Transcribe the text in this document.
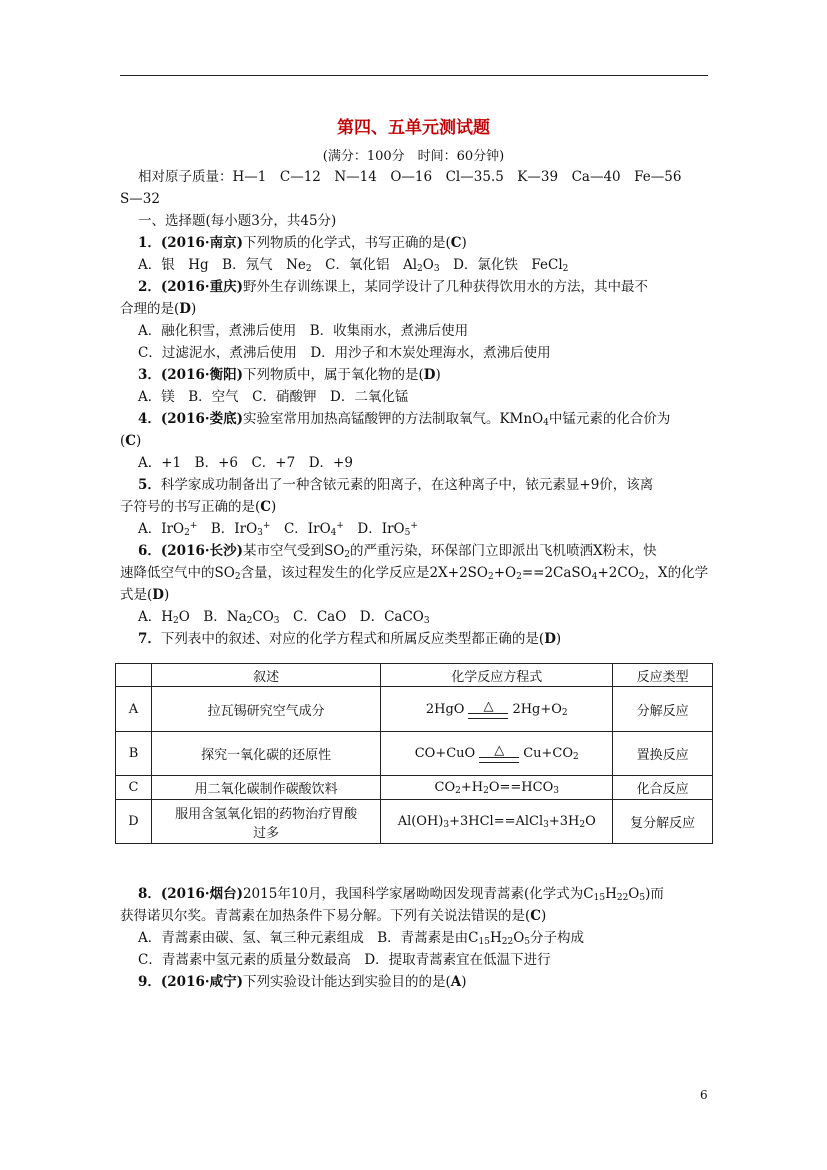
第四、五单元测试题
(满分：100分　时间：60分钟)
相对原子质量：H—1　C—12　N—14　O—16　Cl—35.5　K—39　Ca—40　Fe—56
S—32
一、选择题(每小题3分，共45分)
1．(2016·南京)下列物质的化学式，书写正确的是(C)
A．银　Hg　B．氖气　$Ne_2$　C．氧化铝　$Al_2O_3$　D．氯化铁　FeCl$_2$
2．(2016·重庆)野外生存训练课上，某同学设计了几种获得饮用水的方法，其中最不
合理的是(D)
A．融化积雪，煮沸后使用　B．收集雨水，煮沸后使用
C．过滤泥水，煮沸后使用　D．用沙子和木炭处理海水，煮沸后使用
3．(2016·衡阳)下列物质中，属于氧化物的是(D)
A．镁　B．空气　C．硝酸钾　D．二氧化锰
4．(2016·娄底)实验室常用加热高锰酸钾的方法制取氧气。KMnO$_4$中锰元素的化合价为
(C)
A．+1　B．+6　C．+7　D．+9
5．科学家成功制备出了一种含铱元素的阳离子，在这种离子中，铱元素显+9价，该离
子符号的书写正确的是(C)
A．IrO$_2$+　B．IrO$_3$+　C．IrO$_4$+　D．IrO$_5$+
6．(2016·长沙)某市空气受到$SO_2$的严重污染，环保部门立即派出飞机喷洒X粉末，快
速降低空气中的$SO_2$含量，该过程发生的化学反应是$2X+2SO_2+O_2==2CaSO_4+2CO_2$，X的化学
式是(D)
A．$H_2O$　B．$Na_2CO_3$　C．CaO　D．CaCO$_3$
7．下列表中的叙述、对应的化学方程式和所属反应类型都正确的是(D)
	叙述	化学反应方程式	反应类型
A	拉瓦锡研究空气成分	2HgO △ $2Hg+O_2$	分解反应
B	探究一氧化碳的还原性	CO+CuO △ $Cu+CO_2$	置换反应
C	用二氧化碳制作碳酸饮料	$CO_2+H_2O==HCO_3$	化合反应
D	服用含氢氧化铝的药物治疗胃酸
过多	$Al(OH)_3+3HCl==AlCl_3+3H_2O$	复分解反应
8．(2016·烟台)2015年10月，我国科学家屠呦呦因发现青蒿素(化学式为$C_{15}H_{22}O_5$)而
获得诺贝尔奖。青蒿素在加热条件下易分解。下列有关说法错误的是(C)
A．青蒿素由碳、氢、氧三种元素组成　B．青蒿素是由$C_{15}H_{22}O_5$分子构成
C．青蒿素中氢元素的质量分数最高　D．提取青蒿素宜在低温下进行
9．(2016·咸宁)下列实验设计能达到实验目的的是(A)
6
